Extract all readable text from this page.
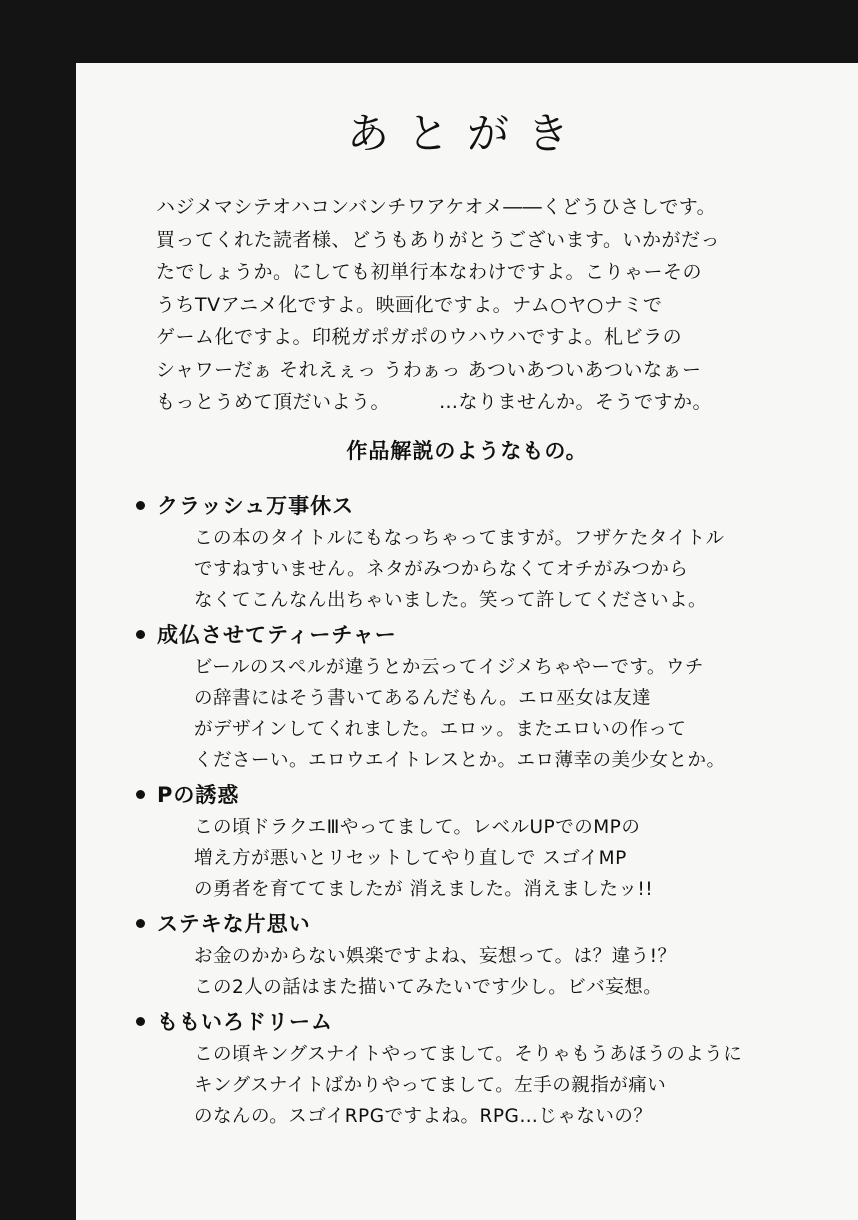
あとがき
ハジメマシテオハコンバンチワアケオメ――くどうひさしです。
買ってくれた読者様、どうもありがとうございます。いかがだっ
たでしょうか。にしても初単行本なわけですよ。こりゃーその
うちTVアニメ化ですよ。映画化ですよ。ナム○ヤ○ナミで
ゲーム化ですよ。印税ガポガポのウハウハですよ。札ビラの
シャワーだぁ それえぇっ うわぁっ あついあついあついなぁー
もっとうめて頂だいよう。　　　…なりませんか。そうですか。
作品解説のようなもの。
クラッシュ万事休ス
この本のタイトルにもなっちゃってますが。フザケたタイトル
ですねすいません。ネタがみつからなくてオチがみつから
なくてこんなん出ちゃいました。笑って許してくださいよ。
成仏させてティーチャー
ビールのスペルが違うとか云ってイジメちゃやーです。ウチ
の辞書にはそう書いてあるんだもん。エロ巫女は友達
がデザインしてくれました。エロッ。またエロいの作って
くださーい。エロウエイトレスとか。エロ薄幸の美少女とか。
Pの誘惑
この頃ドラクエⅢやってまして。レベルUPでのMPの
増え方が悪いとリセットしてやり直しで スゴイMP
の勇者を育ててましたが 消えました。消えましたッ!!
ステキな片思い
お金のかからない娯楽ですよね、妄想って。は？違う!？
この2人の話はまた描いてみたいです少し。ビバ妄想。
ももいろドリーム
この頃キングスナイトやってまして。そりゃもうあほうのように
キングスナイトばかりやってまして。左手の親指が痛い
のなんの。スゴイRPGですよね。RPG…じゃないの？
